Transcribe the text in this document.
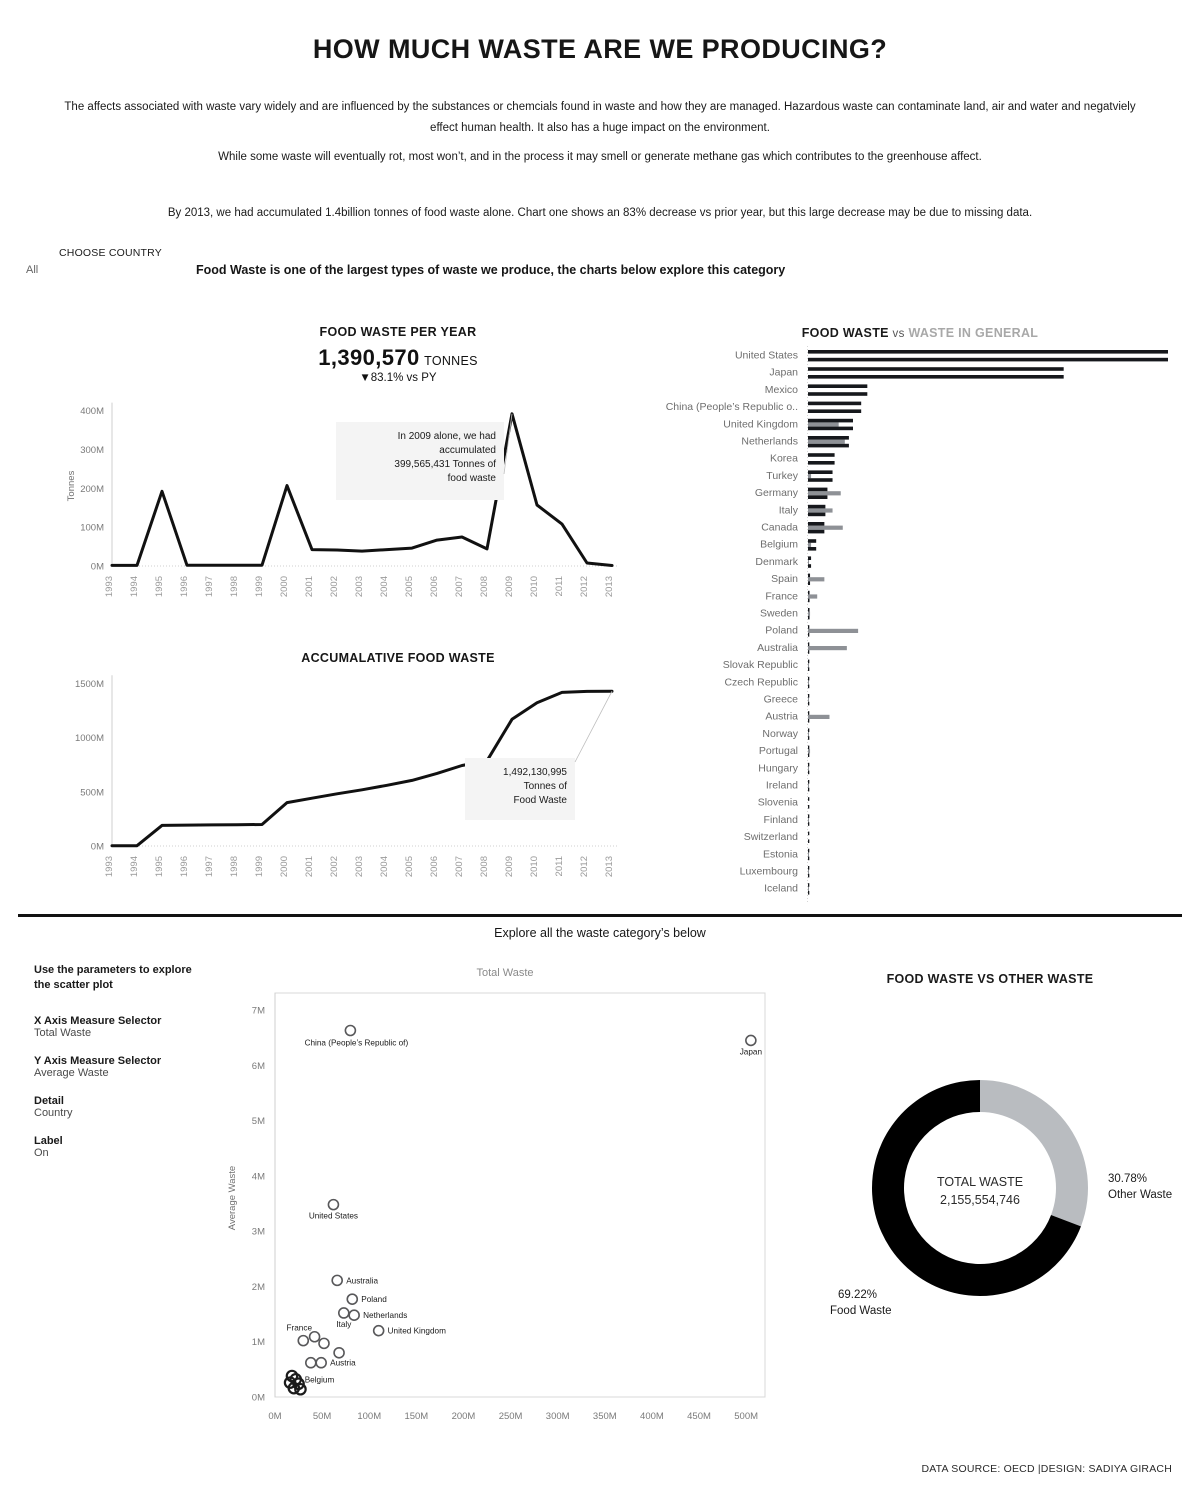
HOW MUCH WASTE ARE WE PRODUCING?
The affects associated with waste vary widely and are influenced by the substances or chemcials found in waste and how they are managed. Hazardous waste can contaminate land, air and water and negatviely effect human health. It also has a huge impact on the environment.
While some waste will eventually rot, most won’t, and in the process it may smell or generate methane gas which contributes to the greenhouse affect.
By 2013, we had accumulated 1.4billion tonnes of food waste alone. Chart one shows an 83% decrease vs prior year, but this large decrease may be due to missing data.
CHOOSE COUNTRY
All	Food Waste is one of the largest types of waste we produce, the charts below explore this category
FOOD WASTE PER YEAR
1,390,570 TONNES
▼83.1% vs PY
0M
100M
200M
300M
400M
1993 1994 1995 1996 1997 1998 1999 2000 2001 2002 2003 2004 2005 2006 2007 2008 2009 2010 2011 2012 2013
Tonnes
In 2009 alone, we had
accumulated
399,565,431 Tonnes of
food waste
ACCUMALATIVE FOOD WASTE
0M
500M
1000M
1500M
1993 1994 1995 1996 1997 1998 1999 2000 2001 2002 2003 2004 2005 2006 2007 2008 2009 2010 2011 2012 2013
1,492,130,995
Tonnes of
Food Waste
FOOD WASTE vs WASTE IN GENERAL
United States
Japan
Mexico
China (People’s Republic o..
United Kingdom
Netherlands
Korea
Turkey
Germany
Italy
Canada
Belgium
Denmark
Spain
France
Sweden
Poland
Australia
Slovak Republic
Czech Republic
Greece
Austria
Norway
Portugal
Hungary
Ireland
Slovenia
Finland
Switzerland
Estonia
Luxembourg
Iceland
Explore all the waste category’s below
Use the parameters to explore the scatter plot
X Axis Measure Selector
Total Waste
Y Axis Measure Selector
Average Waste
Detail
Country
Label
On
Total Waste
0M
1M
2M
3M
4M
5M
6M
7M
0M	50M	100M 150M 200M 250M 300M 350M 400M 450M 500M
Average Waste
China (People’s Republic of)
Japan
United States
Australia
Poland
Netherlands
Italy
United Kingdom
France
Austria
Belgium
FOOD WASTE VS OTHER WASTE
TOTAL WASTE
2,155,554,746
30.78%
Other Waste
69.22%
Food Waste
DATA SOURCE: OECD |DESIGN: SADIYA GIRACH
